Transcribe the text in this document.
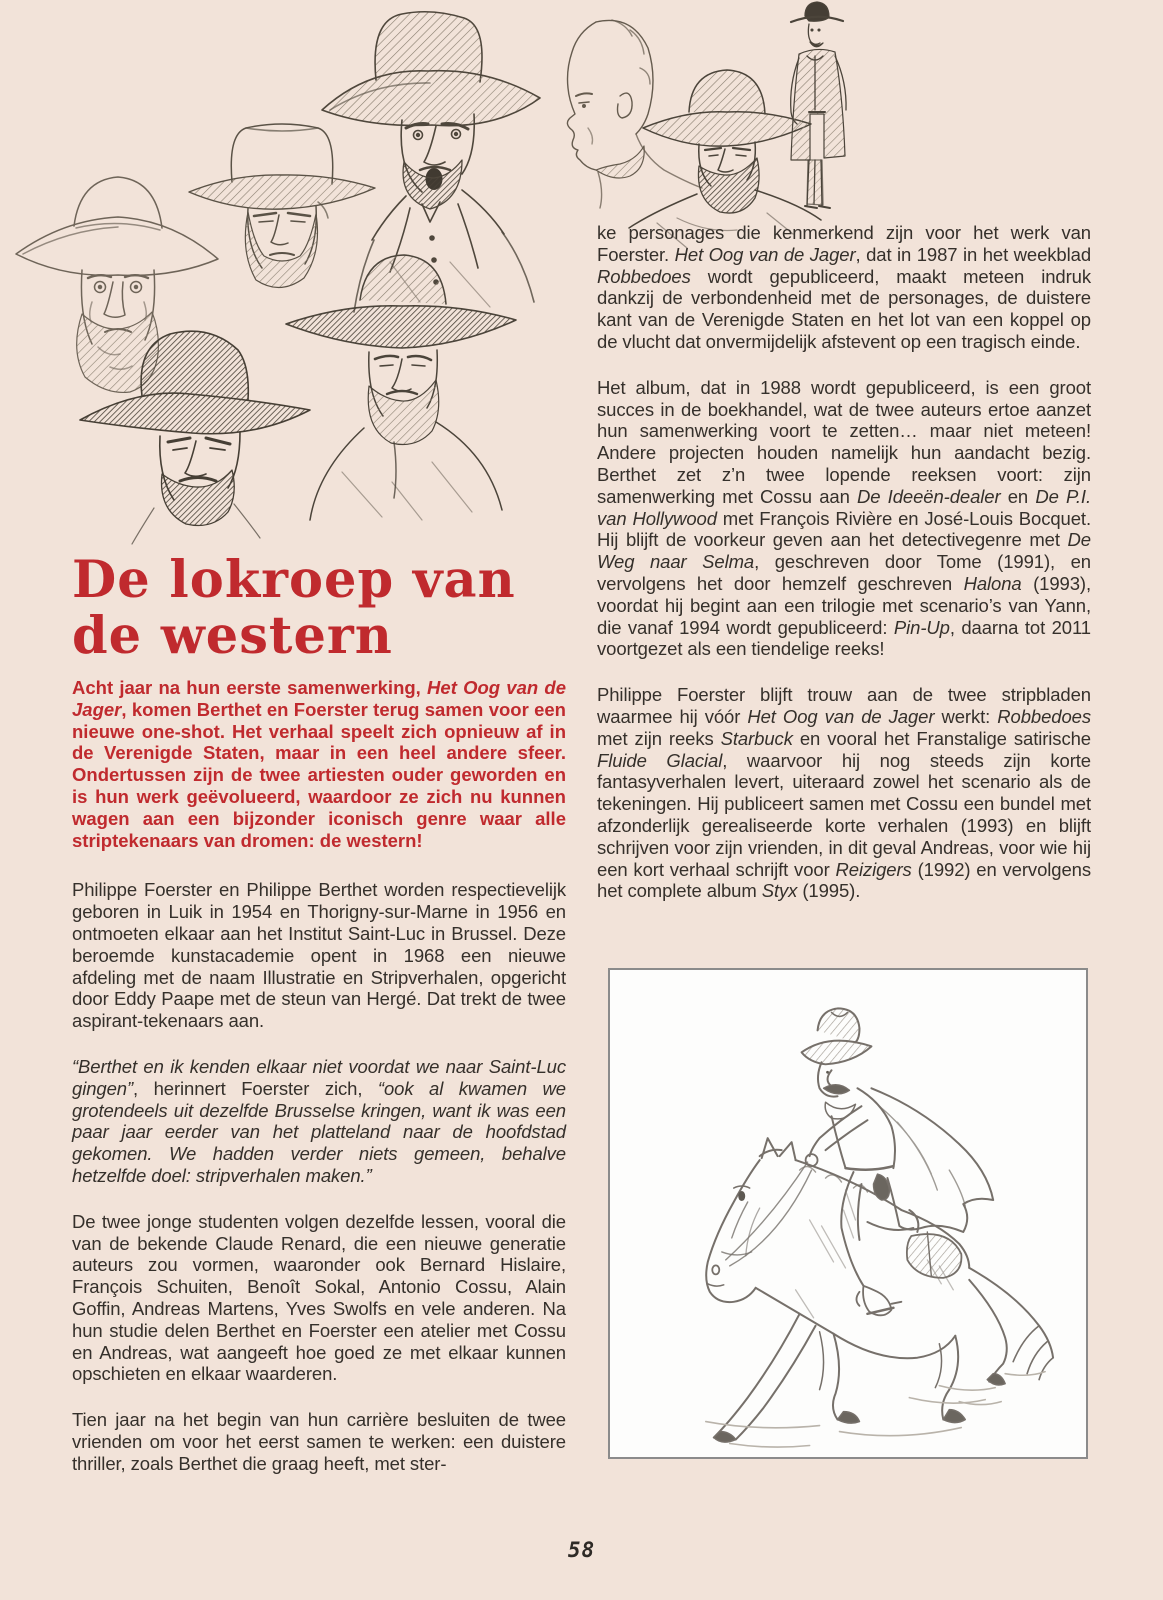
De lokroep van
de western

Acht jaar na hun eerste samenwerking, Het Oog van de Jager, komen Berthet en Foerster terug samen voor een nieuwe one-shot. Het verhaal speelt zich opnieuw af in de Verenigde Staten, maar in een heel andere sfeer. Ondertussen zijn de twee artiesten ouder geworden en is hun werk geëvolueerd, waardoor ze zich nu kunnen wagen aan een bijzonder iconisch genre waar alle striptekenaars van dromen: de western!

Philippe Foerster en Philippe Berthet worden respectievelijk geboren in Luik in 1954 en Thorigny-sur-Marne in 1956 en ontmoeten elkaar aan het Institut Saint-Luc in Brussel. Deze beroemde kunstacademie opent in 1968 een nieuwe afdeling met de naam Illustratie en Stripverhalen, opgericht door Eddy Paape met de steun van Hergé. Dat trekt de twee aspirant-tekenaars aan.

“Berthet en ik kenden elkaar niet voordat we naar Saint-Luc gingen”, herinnert Foerster zich, “ook al kwamen we grotendeels uit dezelfde Brusselse kringen, want ik was een paar jaar eerder van het platteland naar de hoofdstad gekomen. We hadden verder niets gemeen, behalve hetzelfde doel: stripverhalen maken.”

De twee jonge studenten volgen dezelfde lessen, vooral die van de bekende Claude Renard, die een nieuwe generatie auteurs zou vormen, waaronder ook Bernard Hislaire, François Schuiten, Benoît Sokal, Antonio Cossu, Alain Goffin, Andreas Martens, Yves Swolfs en vele anderen. Na hun studie delen Berthet en Foerster een atelier met Cossu en Andreas, wat aangeeft hoe goed ze met elkaar kunnen opschieten en elkaar waarderen.

Tien jaar na het begin van hun carrière besluiten de twee vrienden om voor het eerst samen te werken: een duistere thriller, zoals Berthet die graag heeft, met ster-

ke personages die kenmerkend zijn voor het werk van Foerster. Het Oog van de Jager, dat in 1987 in het weekblad Robbedoes wordt gepubliceerd, maakt meteen indruk dankzij de verbondenheid met de personages, de duistere kant van de Verenigde Staten en het lot van een koppel op de vlucht dat onvermijdelijk afstevent op een tragisch einde.

Het album, dat in 1988 wordt gepubliceerd, is een groot succes in de boekhandel, wat de twee auteurs ertoe aanzet hun samenwerking voort te zetten… maar niet meteen! Andere projecten houden namelijk hun aandacht bezig. Berthet zet z’n twee lopende reeksen voort: zijn samenwerking met Cossu aan De Ideeën-dealer en De P.I. van Hollywood met François Rivière en José-Louis Bocquet. Hij blijft de voorkeur geven aan het detectivegenre met De Weg naar Selma, geschreven door Tome (1991), en vervolgens het door hemzelf geschreven Halona (1993), voordat hij begint aan een trilogie met scenario’s van Yann, die vanaf 1994 wordt gepubliceerd: Pin-Up, daarna tot 2011 voortgezet als een tiendelige reeks!

Philippe Foerster blijft trouw aan de twee stripbladen waarmee hij vóór Het Oog van de Jager werkt: Robbedoes met zijn reeks Starbuck en vooral het Franstalige satirische Fluide Glacial, waarvoor hij nog steeds zijn korte fantasyverhalen levert, uiteraard zowel het scenario als de tekeningen. Hij publiceert samen met Cossu een bundel met afzonderlijk gerealiseerde korte verhalen (1993) en blijft schrijven voor zijn vrienden, in dit geval Andreas, voor wie hij een kort verhaal schrijft voor Reizigers (1992) en vervolgens het complete album Styx (1995).

58
